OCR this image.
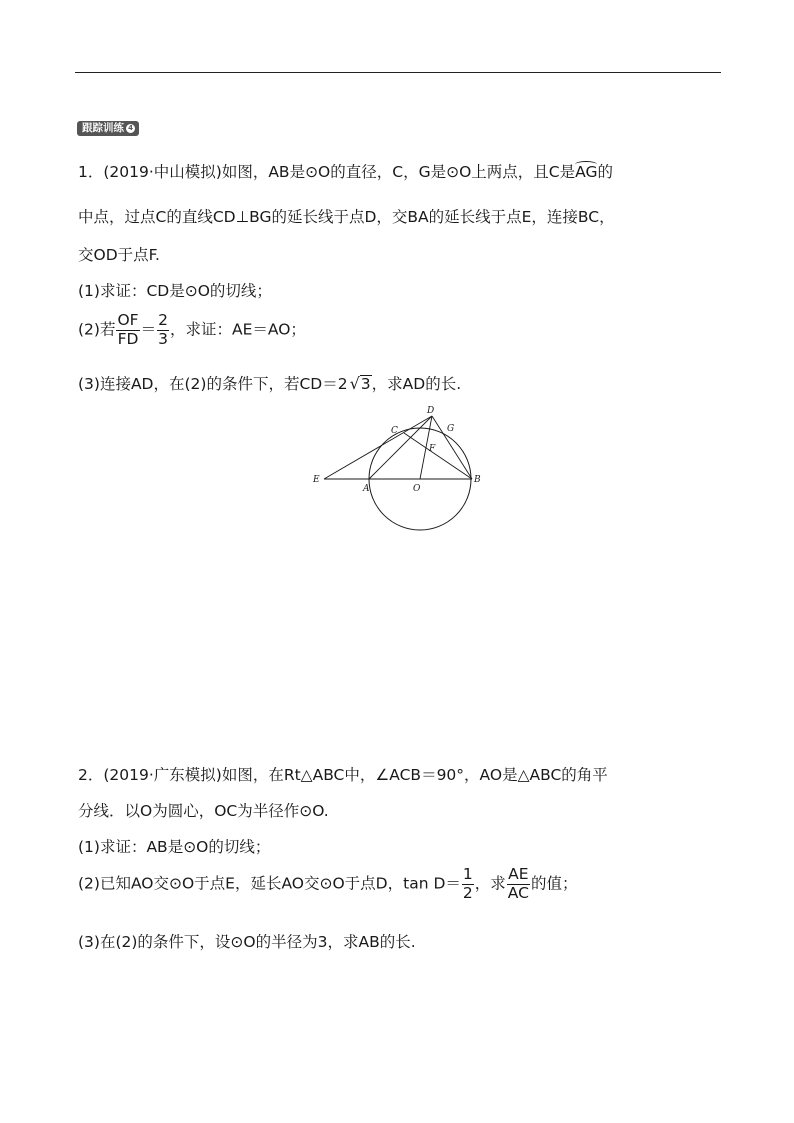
跟踪训练 4
1．(2019·中山模拟)如图，AB是⊙O的直径，C，G是⊙O上两点，且C是AG的
中点，过点C的直线CD⊥BG的延长线于点D，交BA的延长线于点E，连接BC，
交OD于点F.
(1)求证：CD是⊙O的切线；
(2)若 $\frac{OF}{FD} = \frac{2}{3}$ ，求证：AE＝AO；
(3)连接AD，在(2)的条件下，若CD＝2 √3，求AD的长.
D
C	G
F
E
A	O
B
2．(2019·广东模拟)如图，在Rt△ABC中，∠ACB＝90°，AO是△ABC的角平
分线．以O为圆心，OC为半径作⊙O.
(1)求证：AB是⊙O的切线；
(2)已知AO交⊙O于点E，延长AO交⊙O于点D，$\tan D= \frac{1}{2}$ ，求 $\frac{AE}{AC}$ 的值；
(3)在(2)的条件下，设⊙O的半径为3，求AB的长.
